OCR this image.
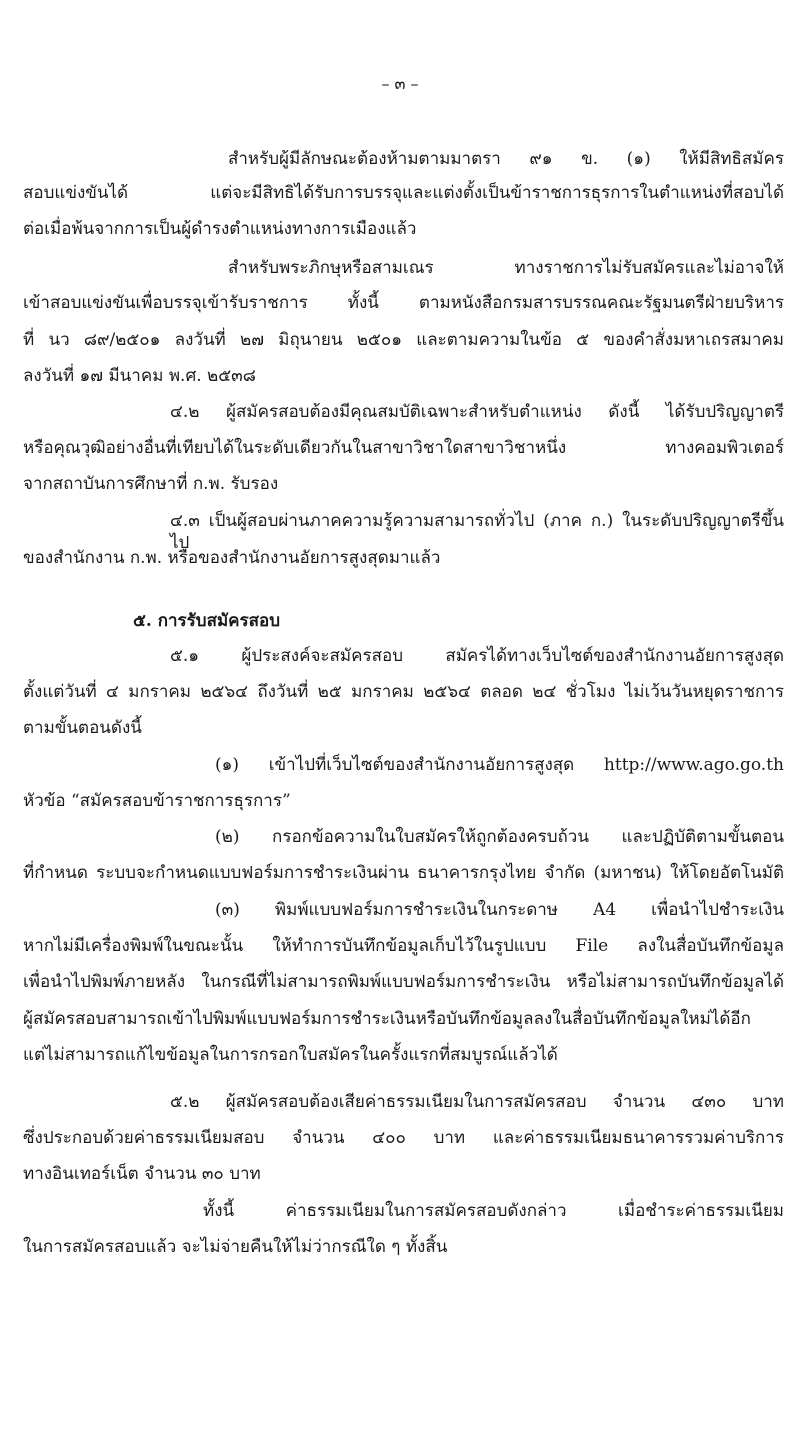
– ๓ –
สำหรับผู้มีลักษณะต้องห้ามตามมาตรา ๙๑ ข. (๑) ให้มีสิทธิสมัคร
สอบแข่งขันได้ แต่จะมีสิทธิได้รับการบรรจุและแต่งตั้งเป็นข้าราชการธุรการในตำแหน่งที่สอบได้
ต่อเมื่อพ้นจากการเป็นผู้ดำรงตำแหน่งทางการเมืองแล้ว
สำหรับพระภิกษุหรือสามเณร ทางราชการไม่รับสมัครและไม่อาจให้
เข้าสอบแข่งขันเพื่อบรรจุเข้ารับราชการ ทั้งนี้ ตามหนังสือกรมสารบรรณคณะรัฐมนตรีฝ่ายบริหาร
ที่ นว ๘๙/๒๕๐๑ ลงวันที่ ๒๗ มิถุนายน ๒๕๐๑ และตามความในข้อ ๕ ของคำสั่งมหาเถรสมาคม
ลงวันที่ ๑๗ มีนาคม พ.ศ. ๒๕๓๘
๔.๒ ผู้สมัครสอบต้องมีคุณสมบัติเฉพาะสำหรับตำแหน่ง ดังนี้ ได้รับปริญญาตรี
หรือคุณวุฒิอย่างอื่นที่เทียบได้ในระดับเดียวกันในสาขาวิชาใดสาขาวิชาหนึ่ง ทางคอมพิวเตอร์
จากสถาบันการศึกษาที่ ก.พ. รับรอง
๔.๓ เป็นผู้สอบผ่านภาคความรู้ความสามารถทั่วไป (ภาค ก.) ในระดับปริญญาตรีขึ้นไป
ของสำนักงาน ก.พ. หรือของสำนักงานอัยการสูงสุดมาแล้ว
๕. การรับสมัครสอบ
๕.๑ ผู้ประสงค์จะสมัครสอบ สมัครได้ทางเว็บไซต์ของสำนักงานอัยการสูงสุด
ตั้งแต่วันที่ ๔ มกราคม ๒๕๖๔ ถึงวันที่ ๒๕ มกราคม ๒๕๖๔ ตลอด ๒๔ ชั่วโมง ไม่เว้นวันหยุดราชการ
ตามขั้นตอนดังนี้
(๑) เข้าไปที่เว็บไซต์ของสำนักงานอัยการสูงสุด http://www.ago.go.th
หัวข้อ “สมัครสอบข้าราชการธุรการ”
(๒) กรอกข้อความในใบสมัครให้ถูกต้องครบถ้วน และปฏิบัติตามขั้นตอน
ที่กำหนด ระบบจะกำหนดแบบฟอร์มการชำระเงินผ่าน ธนาคารกรุงไทย จำกัด (มหาชน) ให้โดยอัตโนมัติ
(๓) พิมพ์แบบฟอร์มการชำระเงินในกระดาษ A4 เพื่อนำไปชำระเงิน
หากไม่มีเครื่องพิมพ์ในขณะนั้น ให้ทำการบันทึกข้อมูลเก็บไว้ในรูปแบบ File ลงในสื่อบันทึกข้อมูล
เพื่อนำไปพิมพ์ภายหลัง ในกรณีที่ไม่สามารถพิมพ์แบบฟอร์มการชำระเงิน หรือไม่สามารถบันทึกข้อมูลได้
ผู้สมัครสอบสามารถเข้าไปพิมพ์แบบฟอร์มการชำระเงินหรือบันทึกข้อมูลลงในสื่อบันทึกข้อมูลใหม่ได้อีก
แต่ไม่สามารถแก้ไขข้อมูลในการกรอกใบสมัครในครั้งแรกที่สมบูรณ์แล้วได้
๕.๒ ผู้สมัครสอบต้องเสียค่าธรรมเนียมในการสมัครสอบ จำนวน ๔๓๐ บาท
ซึ่งประกอบด้วยค่าธรรมเนียมสอบ จำนวน ๔๐๐ บาท และค่าธรรมเนียมธนาคารรวมค่าบริการ
ทางอินเทอร์เน็ต จำนวน ๓๐ บาท
ทั้งนี้ ค่าธรรมเนียมในการสมัครสอบดังกล่าว เมื่อชำระค่าธรรมเนียม
ในการสมัครสอบแล้ว จะไม่จ่ายคืนให้ไม่ว่ากรณีใด ๆ ทั้งสิ้น
